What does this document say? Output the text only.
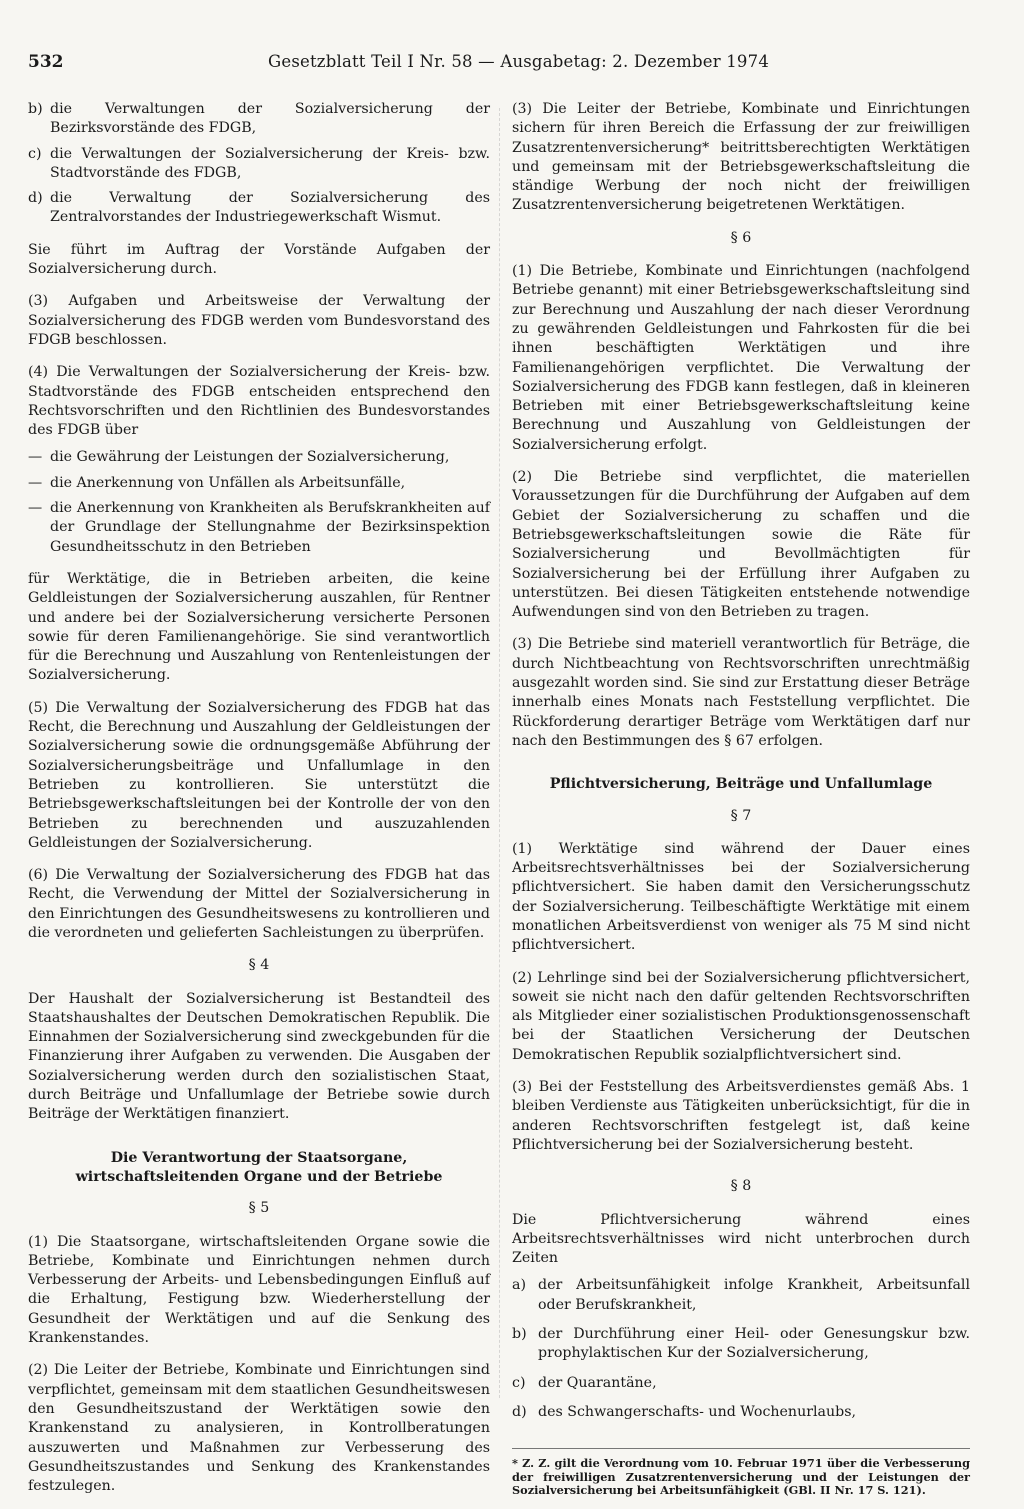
532	Gesetzblatt Teil I Nr. 58 — Ausgabetag: 2. Dezember 1974
b) die Verwaltungen der Sozialversicherung der Bezirksvorstände des FDGB,
c) die Verwaltungen der Sozialversicherung der Kreis- bzw. Stadtvorstände des FDGB,
d) die Verwaltung der Sozialversicherung des Zentralvorstandes der Industriegewerkschaft Wismut.

Sie führt im Auftrag der Vorstände Aufgaben der Sozialversicherung durch.

(3) Aufgaben und Arbeitsweise der Verwaltung der Sozialversicherung des FDGB werden vom Bundesvorstand des FDGB beschlossen.

(4) Die Verwaltungen der Sozialversicherung der Kreis- bzw. Stadtvorstände des FDGB entscheiden entsprechend den Rechtsvorschriften und den Richtlinien des Bundesvorstandes des FDGB über

— die Gewährung der Leistungen der Sozialversicherung,
— die Anerkennung von Unfällen als Arbeitsunfälle,
— die Anerkennung von Krankheiten als Berufskrankheiten auf der Grundlage der Stellungnahme der Bezirksinspektion Gesundheitsschutz in den Betrieben

für Werktätige, die in Betrieben arbeiten, die keine Geldleistungen der Sozialversicherung auszahlen, für Rentner und andere bei der Sozialversicherung versicherte Personen sowie für deren Familienangehörige. Sie sind verantwortlich für die Berechnung und Auszahlung von Rentenleistungen der Sozialversicherung.

(5) Die Verwaltung der Sozialversicherung des FDGB hat das Recht, die Berechnung und Auszahlung der Geldleistungen der Sozialversicherung sowie die ordnungsgemäße Abführung der Sozialversicherungsbeiträge und Unfallumlage in den Betrieben zu kontrollieren. Sie unterstützt die Betriebsgewerkschaftsleitungen bei der Kontrolle der von den Betrieben zu berechnenden und auszuzahlenden Geldleistungen der Sozialversicherung.

(6) Die Verwaltung der Sozialversicherung des FDGB hat das Recht, die Verwendung der Mittel der Sozialversicherung in den Einrichtungen des Gesundheitswesens zu kontrollieren und die verordneten und gelieferten Sachleistungen zu überprüfen.

§ 4

Der Haushalt der Sozialversicherung ist Bestandteil des Staatshaushaltes der Deutschen Demokratischen Republik. Die Einnahmen der Sozialversicherung sind zweckgebunden für die Finanzierung ihrer Aufgaben zu verwenden. Die Ausgaben der Sozialversicherung werden durch den sozialistischen Staat, durch Beiträge und Unfallumlage der Betriebe sowie durch Beiträge der Werktätigen finanziert.

Die Verantwortung der Staatsorgane,
wirtschaftsleitenden Organe und der Betriebe
§ 5

(1) Die Staatsorgane, wirtschaftsleitenden Organe sowie die Betriebe, Kombinate und Einrichtungen nehmen durch Verbesserung der Arbeits- und Lebensbedingungen Einfluß auf die Erhaltung, Festigung bzw. Wiederherstellung der Gesundheit der Werktätigen und auf die Senkung des Krankenstandes.

(2) Die Leiter der Betriebe, Kombinate und Einrichtungen sind verpflichtet, gemeinsam mit dem staatlichen Gesundheitswesen den Gesundheitszustand der Werktätigen sowie den Krankenstand zu analysieren, in Kontrollberatungen auszuwerten und Maßnahmen zur Verbesserung des Gesundheitszustandes und Senkung des Krankenstandes festzulegen.

(3) Die Leiter der Betriebe, Kombinate und Einrichtungen sichern für ihren Bereich die Erfassung der zur freiwilligen Zusatzrentenversicherung* beitrittsberechtigten Werktätigen und gemeinsam mit der Betriebsgewerkschaftsleitung die ständige Werbung der noch nicht der freiwilligen Zusatzrentenversicherung beigetretenen Werktätigen.

§ 6

(1) Die Betriebe, Kombinate und Einrichtungen (nachfolgend Betriebe genannt) mit einer Betriebsgewerkschaftsleitung sind zur Berechnung und Auszahlung der nach dieser Verordnung zu gewährenden Geldleistungen und Fahrkosten für die bei ihnen beschäftigten Werktätigen und ihre Familienangehörigen verpflichtet. Die Verwaltung der Sozialversicherung des FDGB kann festlegen, daß in kleineren Betrieben mit einer Betriebsgewerkschaftsleitung keine Berechnung und Auszahlung von Geldleistungen der Sozialversicherung erfolgt.

(2) Die Betriebe sind verpflichtet, die materiellen Voraussetzungen für die Durchführung der Aufgaben auf dem Gebiet der Sozialversicherung zu schaffen und die Betriebsgewerkschaftsleitungen sowie die Räte für Sozialversicherung und Bevollmächtigten für Sozialversicherung bei der Erfüllung ihrer Aufgaben zu unterstützen. Bei diesen Tätigkeiten entstehende notwendige Aufwendungen sind von den Betrieben zu tragen.

(3) Die Betriebe sind materiell verantwortlich für Beträge, die durch Nichtbeachtung von Rechtsvorschriften unrechtmäßig ausgezahlt worden sind. Sie sind zur Erstattung dieser Beträge innerhalb eines Monats nach Feststellung verpflichtet. Die Rückforderung derartiger Beträge vom Werktätigen darf nur nach den Bestimmungen des § 67 erfolgen.

Pflichtversicherung, Beiträge und Unfallumlage
§ 7

(1) Werktätige sind während der Dauer eines Arbeitsrechtsverhältnisses bei der Sozialversicherung pflichtversichert. Sie haben damit den Versicherungsschutz der Sozialversicherung. Teilbeschäftigte Werktätige mit einem monatlichen Arbeitsverdienst von weniger als 75 M sind nicht pflichtversichert.

(2) Lehrlinge sind bei der Sozialversicherung pflichtversichert, soweit sie nicht nach den dafür geltenden Rechtsvorschriften als Mitglieder einer sozialistischen Produktionsgenossenschaft bei der Staatlichen Versicherung der Deutschen Demokratischen Republik sozialpflichtversichert sind.

(3) Bei der Feststellung des Arbeitsverdienstes gemäß Abs. 1 bleiben Verdienste aus Tätigkeiten unberücksichtigt, für die in anderen Rechtsvorschriften festgelegt ist, daß keine Pflichtversicherung bei der Sozialversicherung besteht.

§ 8

Die Pflichtversicherung während eines Arbeitsrechtsverhältnisses wird nicht unterbrochen durch Zeiten

a) der Arbeitsunfähigkeit infolge Krankheit, Arbeitsunfall oder Berufskrankheit,
b) der Durchführung einer Heil- oder Genesungskur bzw. prophylaktischen Kur der Sozialversicherung,
c) der Quarantäne,
d) des Schwangerschafts- und Wochenurlaubs,
* Z. Z. gilt die Verordnung vom 10. Februar 1971 über die Verbesserung der freiwilligen Zusatzrentenversicherung und der Leistungen der Sozialversicherung bei Arbeitsunfähigkeit (GBl. II Nr. 17 S. 121).
